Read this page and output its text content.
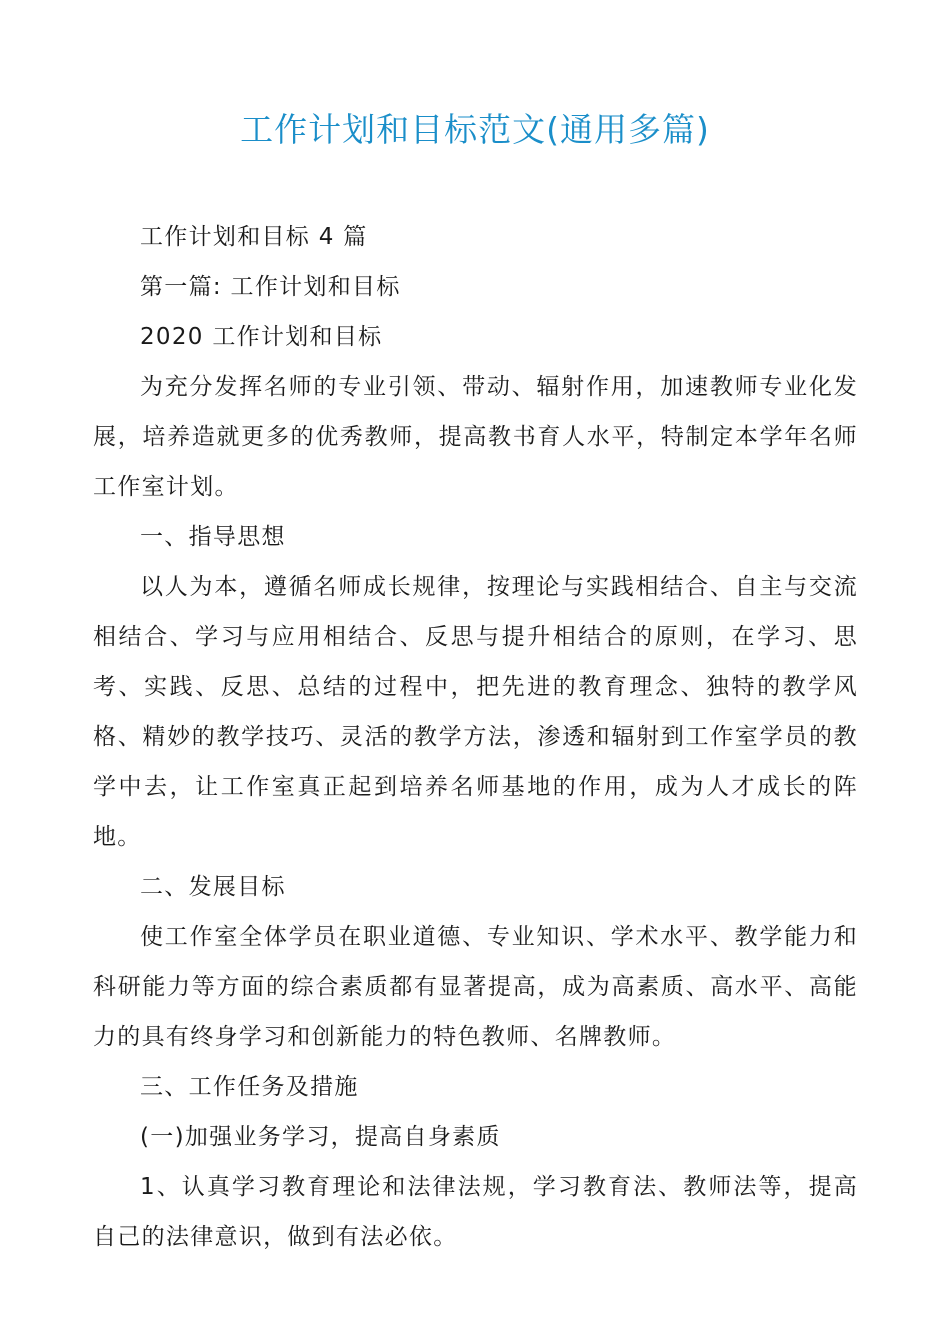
工作计划和目标范文(通用多篇)

工作计划和目标 4 篇

第一篇: 工作计划和目标

2020 工作计划和目标

为充分发挥名师的专业引领、带动、辐射作用，加速教师专业化发展，培养造就更多的优秀教师，提高教书育人水平，特制定本学年名师工作室计划。

一、指导思想

以人为本，遵循名师成长规律，按理论与实践相结合、自主与交流相结合、学习与应用相结合、反思与提升相结合的原则，在学习、思考、实践、反思、总结的过程中，把先进的教育理念、独特的教学风格、精妙的教学技巧、灵活的教学方法，渗透和辐射到工作室学员的教学中去，让工作室真正起到培养名师基地的作用，成为人才成长的阵地。

二、发展目标

使工作室全体学员在职业道德、专业知识、学术水平、教学能力和科研能力等方面的综合素质都有显著提高，成为高素质、高水平、高能力的具有终身学习和创新能力的特色教师、名牌教师。

三、工作任务及措施

(一)加强业务学习，提高自身素质

1、认真学习教育理论和法律法规，学习教育法、教师法等，提高自己的法律意识，做到有法必依。
